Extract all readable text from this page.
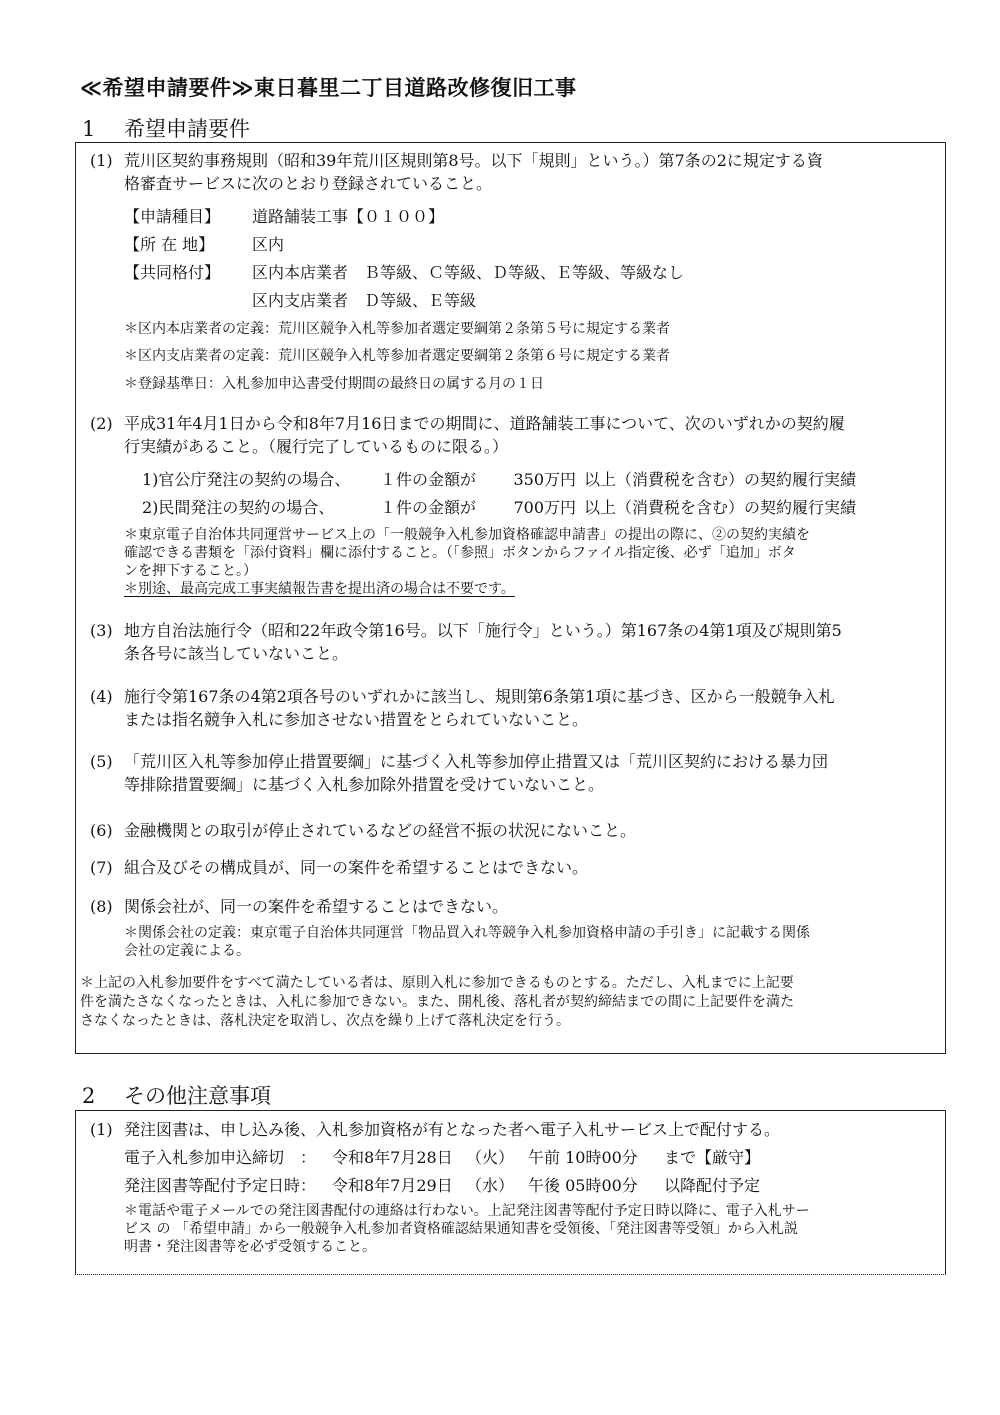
≪希望申請要件≫東日暮里二丁目道路改修復旧工事
1 希望申請要件
(1) 荒川区契約事務規則（昭和39年荒川区規則第8号。以下「規則」という。）第7条の2に規定する資
格審査サービスに次のとおり登録されていること。
【申請種目】 道路舗装工事【０１００】
【所 在 地】 区内
【共同格付】 区内本店業者　Ｂ等級、Ｃ等級、Ｄ等級、Ｅ等級、等級なし
区内支店業者　Ｄ等級、Ｅ等級
＊区内本店業者の定義：荒川区競争入札等参加者選定要綱第２条第５号に規定する業者
＊区内支店業者の定義：荒川区競争入札等参加者選定要綱第２条第６号に規定する業者
＊登録基準日：入札参加申込書受付期間の最終日の属する月の１日
(2) 平成31年4月1日から令和8年7月16日までの期間に、道路舗装工事について、次のいずれかの契約履
行実績があること。（履行完了しているものに限る。）
1)官公庁発注の契約の場合、 １件の金額が 350万円 以上（消費税を含む）の契約履行実績
2)民間発注の契約の場合、	１件の金額が 700万円 以上（消費税を含む）の契約履行実績
＊東京電子自治体共同運営サービス上の「一般競争入札参加資格確認申請書」の提出の際に、②の契約実績を
確認できる書類を「添付資料」欄に添付すること。（「参照」ボタンからファイル指定後、必ず「追加」ボタ
ンを押下すること。）
＊別途、最高完成工事実績報告書を提出済の場合は不要です。
(3) 地方自治法施行令（昭和22年政令第16号。以下「施行令」という。）第167条の4第1項及び規則第5
条各号に該当していないこと。
(4) 施行令第167条の4第2項各号のいずれかに該当し、規則第6条第1項に基づき、区から一般競争入札
または指名競争入札に参加させない措置をとられていないこと。
(5) 「荒川区入札等参加停止措置要綱」に基づく入札等参加停止措置又は「荒川区契約における暴力団
等排除措置要綱」に基づく入札参加除外措置を受けていないこと。
(6) 金融機関との取引が停止されているなどの経営不振の状況にないこと。
(7) 組合及びその構成員が、同一の案件を希望することはできない。
(8) 関係会社が、同一の案件を希望することはできない。
＊関係会社の定義：東京電子自治体共同運営「物品買入れ等競争入札参加資格申請の手引き」に記載する関係
会社の定義による。
＊上記の入札参加要件をすべて満たしている者は、原則入札に参加できるものとする。ただし、入札までに上記要
件を満たさなくなったときは、入札に参加できない。また、開札後、落札者が契約締結までの間に上記要件を満た
さなくなったときは、落札決定を取消し、次点を繰り上げて落札決定を行う。
2 その他注意事項
(1) 発注図書は、申し込み後、入札参加資格が有となった者へ電子入札サービス上で配付する。
電子入札参加申込締切 ： 令和8年7月28日 （火） 午前 10時00分 まで【厳守】
発注図書等配付予定日時： 令和8年7月29日 （水） 午後 05時00分 以降配付予定
＊電話や電子メールでの発注図書配付の連絡は行わない。上記発注図書等配付予定日時以降に、電子入札サー
ビス の 「希望申請」から一般競争入札参加者資格確認結果通知書を受領後、「発注図書等受領」から入札説
明書・発注図書等を必ず受領すること。
